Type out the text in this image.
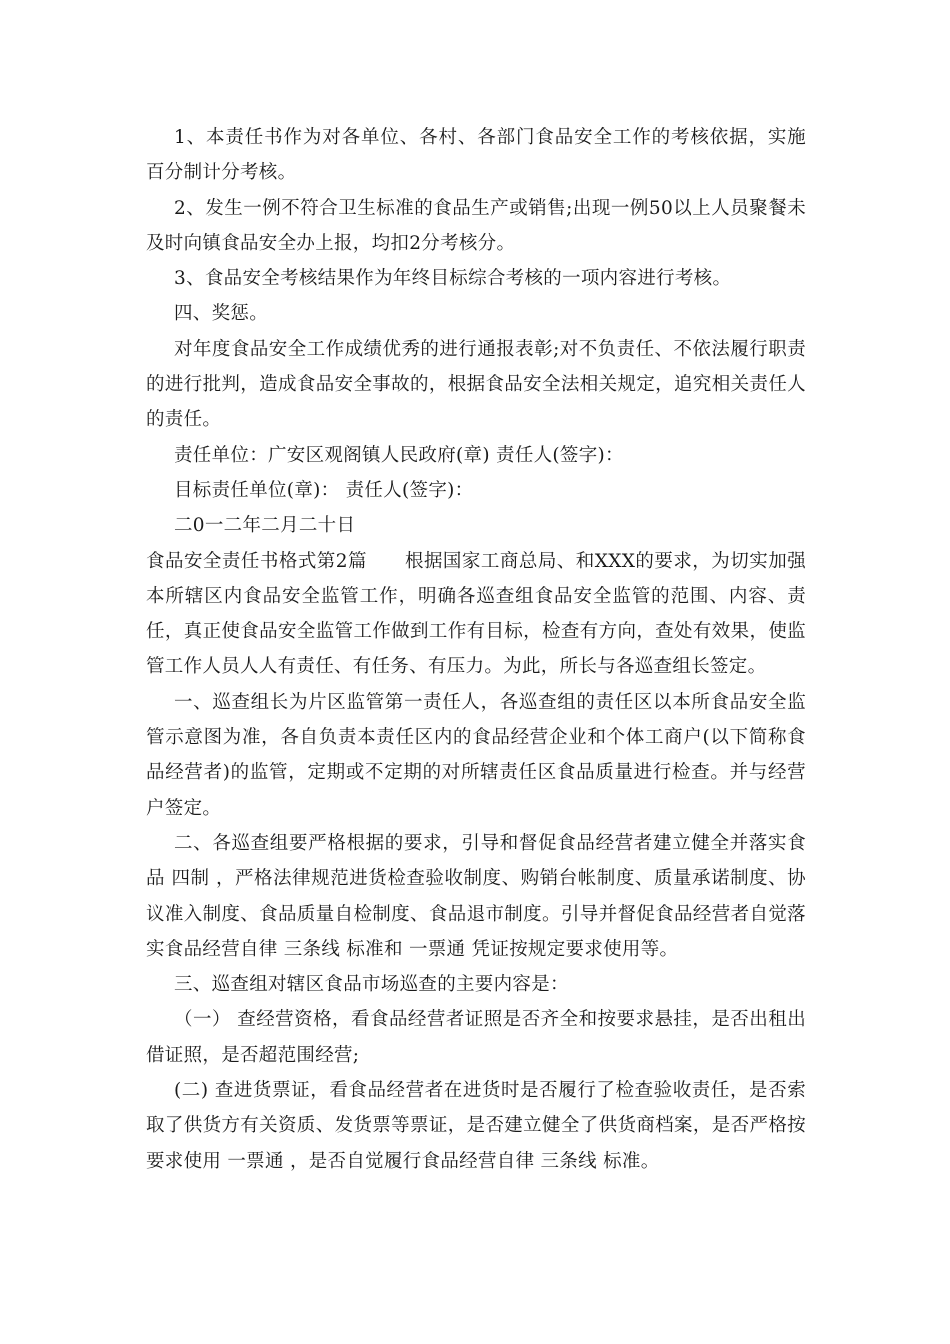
1、本责任书作为对各单位、各村、各部门食品安全工作的考核依据，实施百分制计分考核。

2、发生一例不符合卫生标准的食品生产或销售;出现一例50以上人员聚餐未及时向镇食品安全办上报，均扣2分考核分。

3、食品安全考核结果作为年终目标综合考核的一项内容进行考核。

四、奖惩。

对年度食品安全工作成绩优秀的进行通报表彰;对不负责任、不依法履行职责的进行批判，造成食品安全事故的，根据食品安全法相关规定，追究相关责任人的责任。

责任单位：广安区观阁镇人民政府(章) 责任人(签字)：

目标责任单位(章)： 责任人(签字)：

二0一二年二月二十日

食品安全责任书格式第2篇　　根据国家工商总局、和XXX的要求，为切实加强本所辖区内食品安全监管工作，明确各巡查组食品安全监管的范围、内容、责任，真正使食品安全监管工作做到工作有目标，检查有方向，查处有效果，使监管工作人员人人有责任、有任务、有压力。为此，所长与各巡查组长签定。

一、巡查组长为片区监管第一责任人，各巡查组的责任区以本所食品安全监管示意图为准，各自负责本责任区内的食品经营企业和个体工商户(以下简称食品经营者)的监管，定期或不定期的对所辖责任区食品质量进行检查。并与经营户签定。

二、各巡查组要严格根据的要求，引导和督促食品经营者建立健全并落实食品 四制 ，严格法律规范进货检查验收制度、购销台帐制度、质量承诺制度、协议准入制度、食品质量自检制度、食品退市制度。引导并督促食品经营者自觉落实食品经营自律 三条线 标准和 一票通 凭证按规定要求使用等。

三、巡查组对辖区食品市场巡查的主要内容是：

（一） 查经营资格，看食品经营者证照是否齐全和按要求悬挂，是否出租出借证照，是否超范围经营;

(二) 查进货票证，看食品经营者在进货时是否履行了检查验收责任，是否索取了供货方有关资质、发货票等票证，是否建立健全了供货商档案，是否严格按要求使用 一票通 ，是否自觉履行食品经营自律 三条线 标准。
